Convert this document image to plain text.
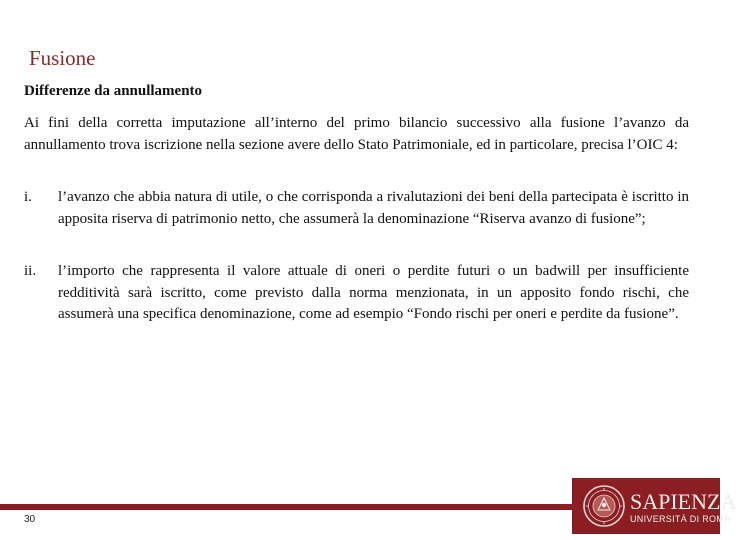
Fusione
Differenze da annullamento

Ai fini della corretta imputazione all’interno del primo bilancio successivo alla fusione l’avanzo da annullamento trova iscrizione nella sezione avere dello Stato Patrimoniale, ed in particolare, precisa l’OIC 4:

i. l’avanzo che abbia natura di utile, o che corrisponda a rivalutazioni dei beni della partecipata è iscritto in apposita riserva di patrimonio netto, che assumerà la denominazione “Riserva avanzo di fusione”;
ii. l’importo che rappresenta il valore attuale di oneri o perdite futuri o un badwill per insufficiente redditività sarà iscritto, come previsto dalla norma menzionata, in un apposito fondo rischi, che assumerà una specifica denominazione, come ad esempio “Fondo rischi per oneri e perdite da fusione”.
30
SAPIENZA
UNIVERSITÀ DI ROMA
